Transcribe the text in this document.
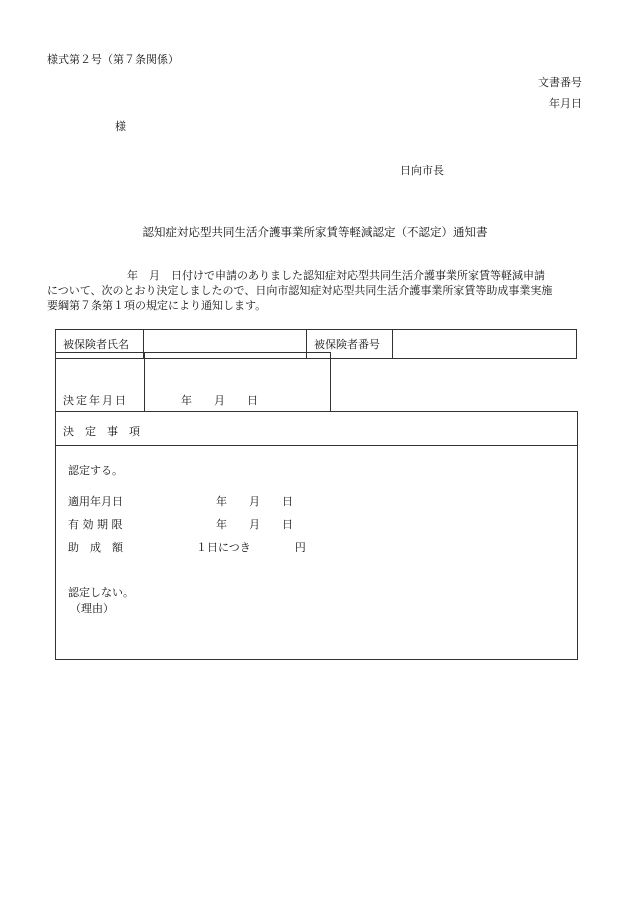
様式第２号（第７条関係）
文書番号
年月日
様
日向市長
認知症対応型共同生活介護事業所家賃等軽減認定（不認定）通知書
年　月　日付けで申請のありました認知症対応型共同生活介護事業所家賃等軽減申請
について、次のとおり決定しましたので、日向市認知症対応型共同生活介護事業所家賃等助成事業実施
要綱第７条第１項の規定により通知します。
被保険者氏名		被保険者番号	
決定年月日	年　　月　　日
決　定　事　項
認定する。
適用年月日	年　　月　　日
有 効 期 限	年　　月　　日
助　成　額	１日につき　　　　円
認定しない。
（理由）
